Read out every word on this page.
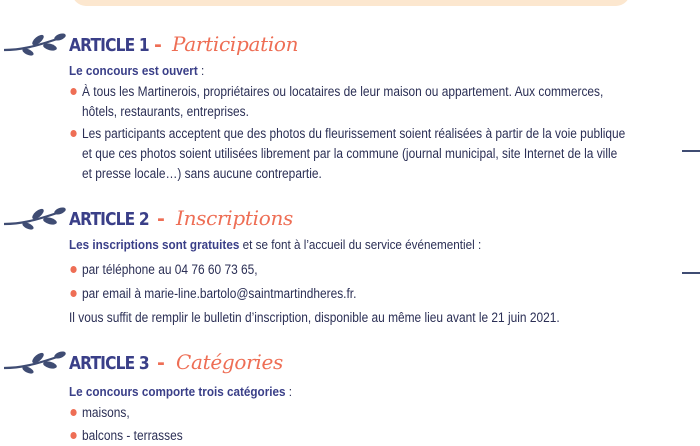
ARTICLE 1 - Participation
Le concours est ouvert :
À tous les Martinerois, propriétaires ou locataires de leur maison ou appartement. Aux commerces, hôtels, restaurants, entreprises.
Les participants acceptent que des photos du fleurissement soient réalisées à partir de la voie publique et que ces photos soient utilisées librement par la commune (journal municipal, site Internet de la ville et presse locale…) sans aucune contrepartie.
ARTICLE 2 - Inscriptions
Les inscriptions sont gratuites et se font à l’accueil du service événementiel :
par téléphone au 04 76 60 73 65,
par email à marie-line.bartolo@saintmartindheres.fr.
Il vous suffit de remplir le bulletin d’inscription, disponible au même lieu avant le 21 juin 2021.
ARTICLE 3 - Catégories
Le concours comporte trois catégories :
maisons,
balcons - terrasses
